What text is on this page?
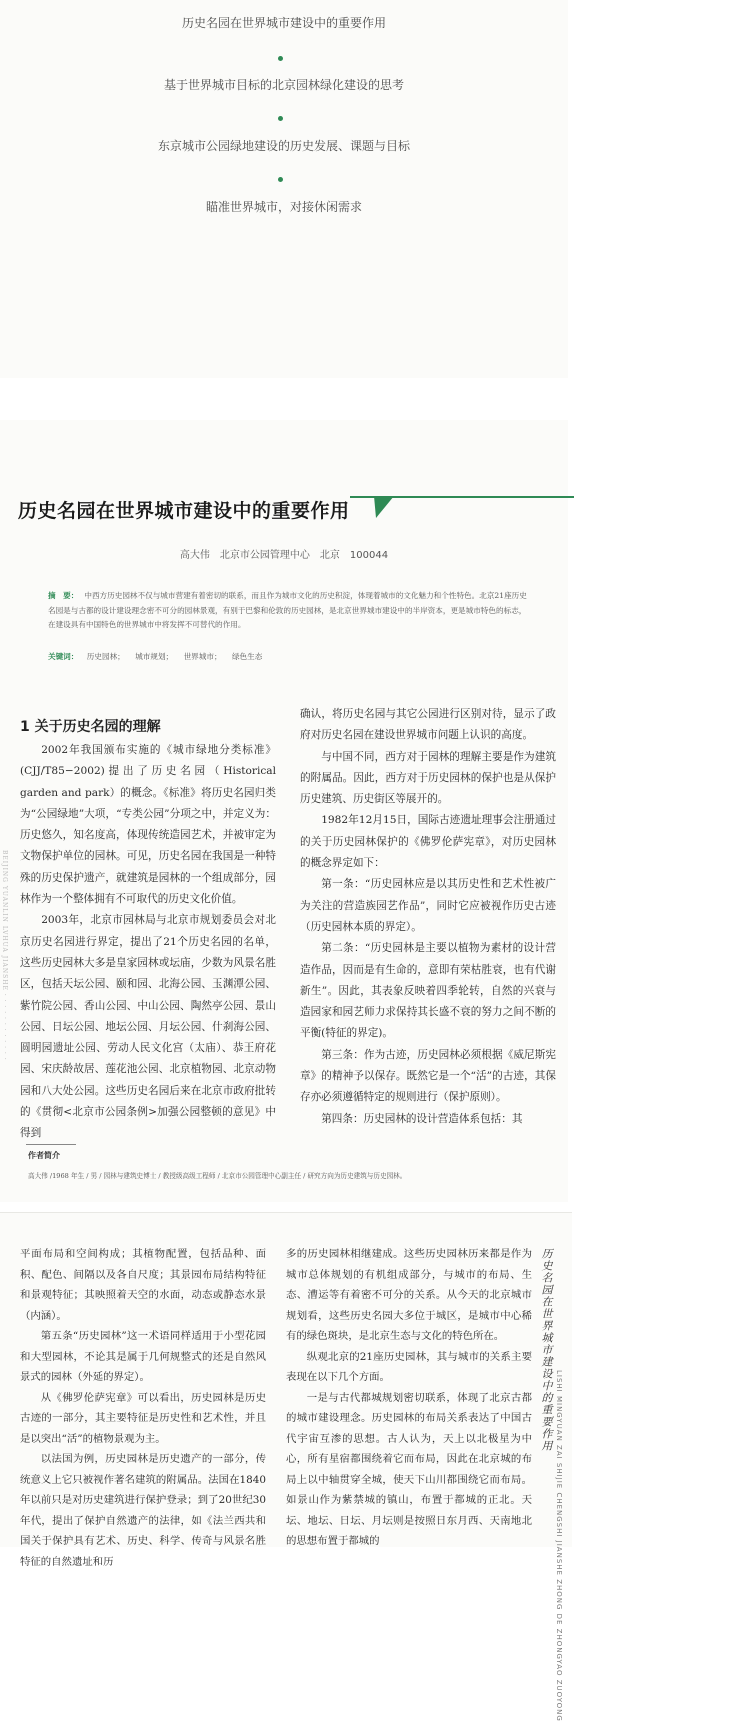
历史名园在世界城市建设中的重要作用
基于世界城市目标的北京园林绿化建设的思考
东京城市公园绿地建设的历史发展、课题与目标
瞄准世界城市，对接休闲需求
BEIJING YUANLIN LVHUA JIANSHE · · · · · · · · · · · ·
历史名园在世界城市建设中的重要作用
高大伟　北京市公园管理中心　北京　100044
摘　要： 中西方历史园林不仅与城市营建有着密切的联系，而且作为城市文化的历史积淀，体现着城市的文化魅力和个性特色。北京21座历史名园是与古都的设计建设理念密不可分的园林景观，有别于巴黎和伦敦的历史园林，是北京世界城市建设中的半岸资本，更是城市特色的标志，在建设具有中国特色的世界城市中将发挥不可替代的作用。
关键词： 历史园林； 城市规划； 世界城市； 绿色生态
1 关于历史名园的理解

2002年我国颁布实施的《城市绿地分类标准》(CJJ/T85−2002)提出了历史名园（Historical garden and park）的概念。《标准》将历史名园归类为“公园绿地”大项，“专类公园”分项之中，并定义为：历史悠久，知名度高，体现传统造园艺术，并被审定为文物保护单位的园林。可见，历史名园在我国是一种特殊的历史保护遗产，就建筑是园林的一个组成部分，园林作为一个整体拥有不可取代的历史文化价值。

2003年，北京市园林局与北京市规划委员会对北京历史名园进行界定，提出了21个历史名园的名单，这些历史园林大多是皇家园林或坛庙，少数为风景名胜区，包括天坛公园、颐和园、北海公园、玉渊潭公园、紫竹院公园、香山公园、中山公园、陶然亭公园、景山公园、日坛公园、地坛公园、月坛公园、什刹海公园、圆明园遗址公园、劳动人民文化宫（太庙）、恭王府花园、宋庆龄故居、莲花池公园、北京植物园、北京动物园和八大处公园。这些历史名园后来在北京市政府批转的《贯彻<北京市公园条例>加强公园整顿的意见》中得到

确认，将历史名园与其它公园进行区别对待，显示了政府对历史名园在建设世界城市问题上认识的高度。

与中国不同，西方对于园林的理解主要是作为建筑的附属品。因此，西方对于历史园林的保护也是从保护历史建筑、历史街区等展开的。

1982年12月15日，国际古迹遗址理事会注册通过的关于历史园林保护的《佛罗伦萨宪章》，对历史园林的概念界定如下：

第一条：“历史园林应是以其历史性和艺术性被广为关注的营造族园艺作品”，同时它应被视作历史古迹（历史园林本质的界定）。

第二条：“历史园林是主要以植物为素材的设计营造作品，因而是有生命的，意即有荣枯胜衰，也有代谢新生”。因此，其表象反映着四季轮转，自然的兴衰与造园家和园艺师力求保持其长盛不衰的努力之间不断的平衡(特征的界定)。

第三条：作为古迹，历史园林必须根据《威尼斯宪章》的精神予以保存。既然它是一个“活”的古迹，其保存亦必须遵循特定的规则进行（保护原则）。

第四条：历史园林的设计营造体系包括：其

作者简介
高大伟 /1968 年生 / 男 / 园林与建筑史博士 / 教授级高级工程师 / 北京市公园管理中心副主任 / 研究方向为历史建筑与历史园林。

平面布局和空间构成；其植物配置，包括品种、面积、配色、间隔以及各自尺度；其景园布局结构特征和景观特征；其映照着天空的水面，动态或静态水景（内涵）。

第五条“历史园林”这一术语同样适用于小型花园和大型园林，不论其是属于几何规整式的还是自然风景式的园林（外延的界定）。

从《佛罗伦萨宪章》可以看出，历史园林是历史古迹的一部分，其主要特征是历史性和艺术性，并且是以突出“活”的植物景观为主。

以法国为例，历史园林是历史遗产的一部分，传统意义上它只被视作著名建筑的附属品。法国在1840年以前只是对历史建筑进行保护登录；到了20世纪30年代，提出了保护自然遗产的法律，如《法兰西共和国关于保护具有艺术、历史、科学、传奇与风景名胜特征的自然遗址和历

多的历史园林相继建成。这些历史园林历来都是作为城市总体规划的有机组成部分，与城市的布局、生态、漕运等有着密不可分的关系。从今天的北京城市规划看，这些历史名园大多位于城区，是城市中心稀有的绿色斑块，是北京生态与文化的特色所在。

纵观北京的21座历史园林，其与城市的关系主要表现在以下几个方面。

一是与古代都城规划密切联系，体现了北京古都的城市建设理念。历史园林的布局关系表达了中国古代宇宙互渗的思想。古人认为，天上以北极星为中心，所有星宿都围绕着它而布局，因此在北京城的布局上以中轴贯穿全城，使天下山川都围绕它而布局。如景山作为紫禁城的镇山，布置于都城的正北。天坛、地坛、日坛、月坛则是按照日东月西、天南地北的思想布置于都城的

历史名园在世界城市建设中的重要作用
LISHI MINGYUAN ZAI SHIJIE CHENGSHI JIANSHE ZHONG DE ZHONGYAO ZUOYONG
